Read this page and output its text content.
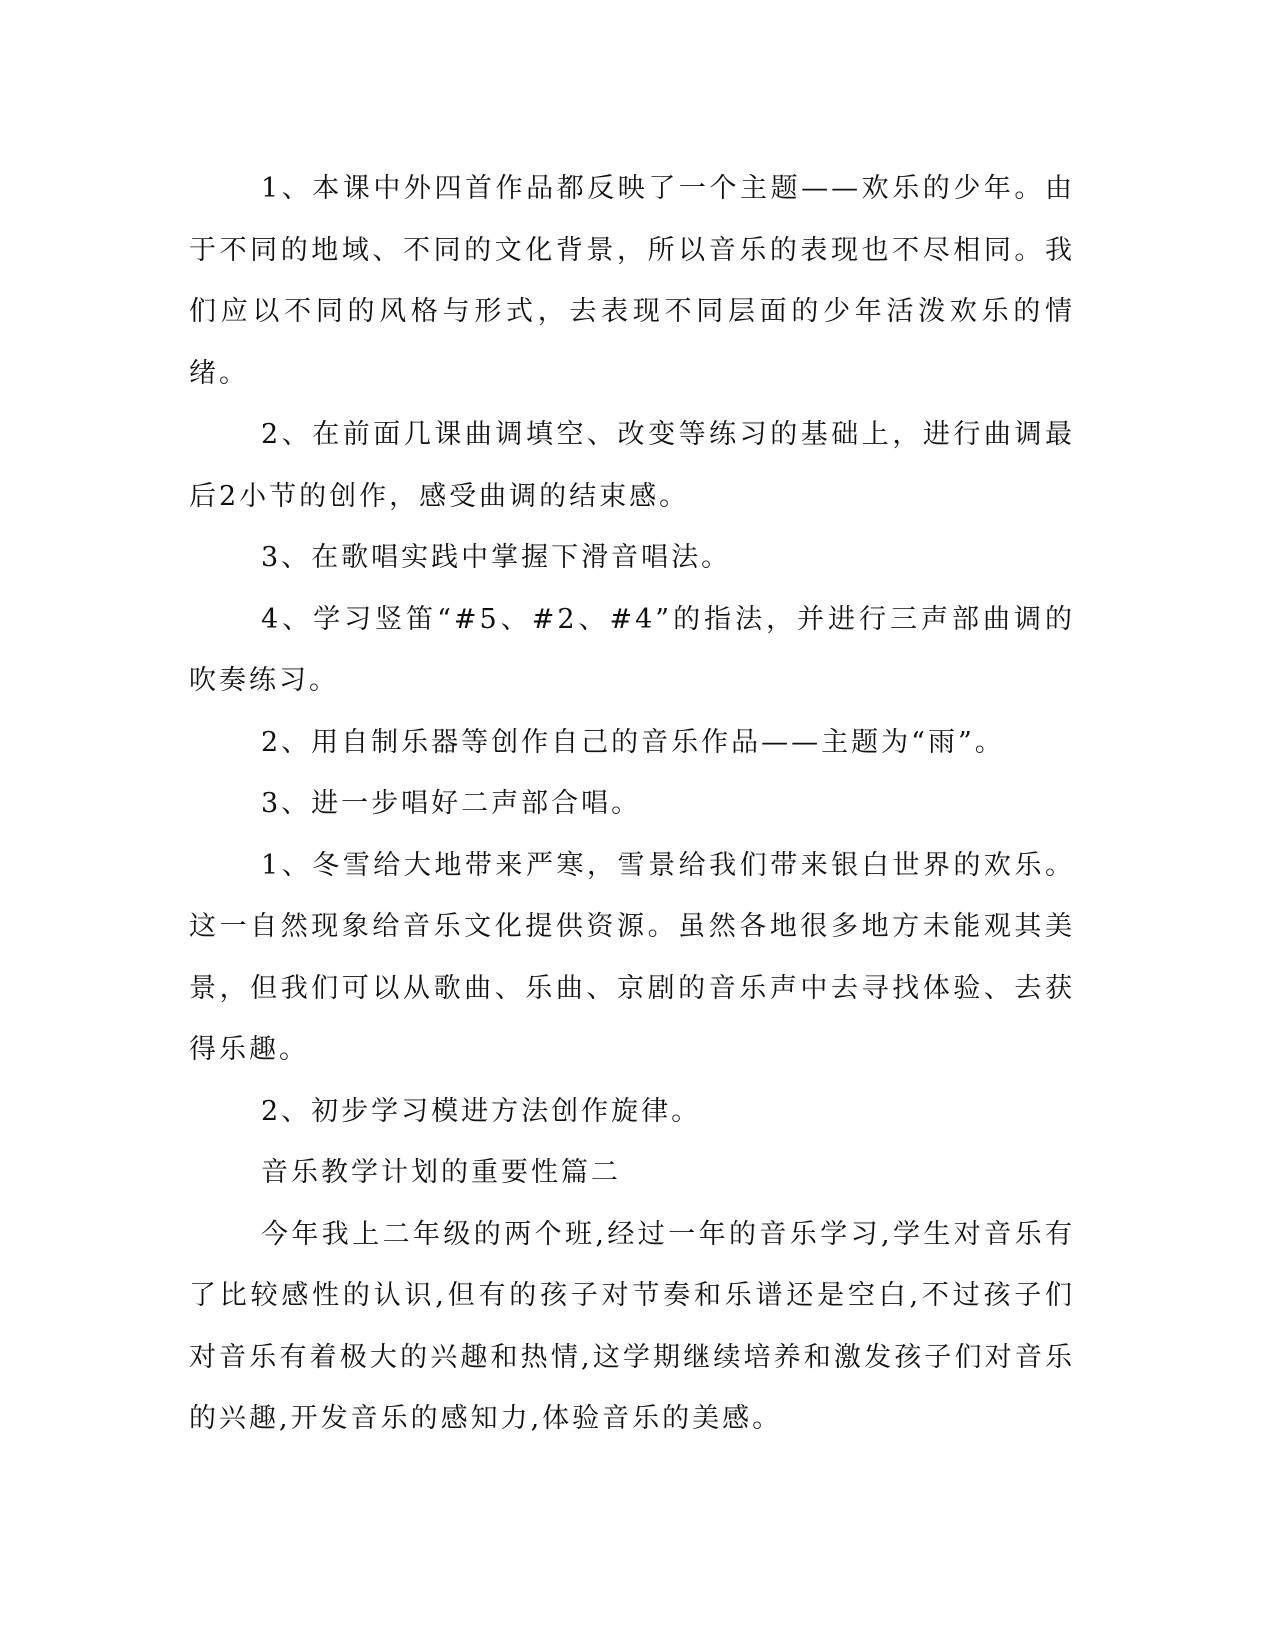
1、本课中外四首作品都反映了一个主题——欢乐的少年。由于不同的地域、不同的文化背景，所以音乐的表现也不尽相同。我们应以不同的风格与形式，去表现不同层面的少年活泼欢乐的情绪。

2、在前面几课曲调填空、改变等练习的基础上，进行曲调最后2小节的创作，感受曲调的结束感。

3、在歌唱实践中掌握下滑音唱法。

4、学习竖笛“#5、#2、#4”的指法，并进行三声部曲调的吹奏练习。

2、用自制乐器等创作自己的音乐作品——主题为“雨”。

3、进一步唱好二声部合唱。

1、冬雪给大地带来严寒，雪景给我们带来银白世界的欢乐。这一自然现象给音乐文化提供资源。虽然各地很多地方未能观其美景，但我们可以从歌曲、乐曲、京剧的音乐声中去寻找体验、去获得乐趣。

2、初步学习模进方法创作旋律。

音乐教学计划的重要性篇二

今年我上二年级的两个班,经过一年的音乐学习,学生对音乐有了比较感性的认识,但有的孩子对节奏和乐谱还是空白,不过孩子们对音乐有着极大的兴趣和热情,这学期继续培养和激发孩子们对音乐的兴趣,开发音乐的感知力,体验音乐的美感。
